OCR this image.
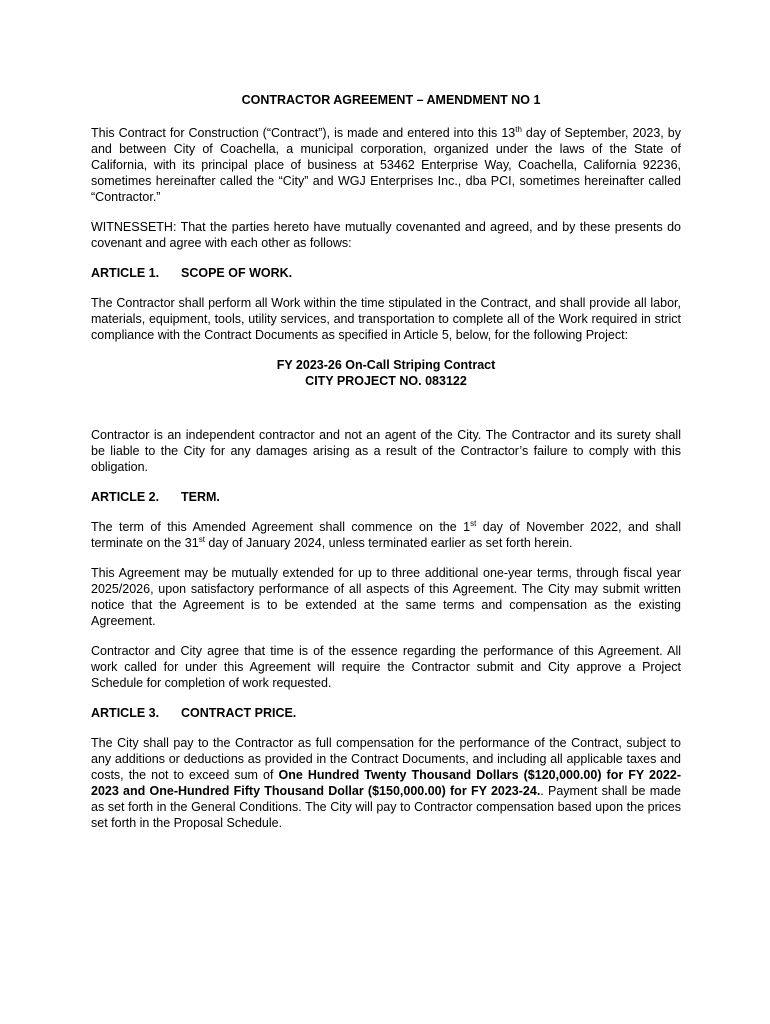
CONTRACTOR AGREEMENT – AMENDMENT NO 1

This Contract for Construction (“Contract”), is made and entered into this 13th day of September, 2023, by and between City of Coachella, a municipal corporation, organized under the laws of the State of California, with its principal place of business at 53462 Enterprise Way, Coachella, California 92236, sometimes hereinafter called the “City” and WGJ Enterprises Inc., dba PCI, sometimes hereinafter called “Contractor.”

WITNESSETH: That the parties hereto have mutually covenanted and agreed, and by these presents do covenant and agree with each other as follows:

ARTICLE 1. SCOPE OF WORK.

The Contractor shall perform all Work within the time stipulated in the Contract, and shall provide all labor, materials, equipment, tools, utility services, and transportation to complete all of the Work required in strict compliance with the Contract Documents as specified in Article 5, below, for the following Project:

FY 2023-26 On-Call Striping Contract
CITY PROJECT NO. 083122

Contractor is an independent contractor and not an agent of the City. The Contractor and its surety shall be liable to the City for any damages arising as a result of the Contractor’s failure to comply with this obligation.

ARTICLE 2. TERM.

The term of this Amended Agreement shall commence on the 1st day of November 2022, and shall terminate on the 31st day of January 2024, unless terminated earlier as set forth herein.

This Agreement may be mutually extended for up to three additional one-year terms, through fiscal year 2025/2026, upon satisfactory performance of all aspects of this Agreement. The City may submit written notice that the Agreement is to be extended at the same terms and compensation as the existing Agreement.

Contractor and City agree that time is of the essence regarding the performance of this Agreement. All work called for under this Agreement will require the Contractor submit and City approve a Project Schedule for completion of work requested.

ARTICLE 3. CONTRACT PRICE.

The City shall pay to the Contractor as full compensation for the performance of the Contract, subject to any additions or deductions as provided in the Contract Documents, and including all applicable taxes and costs, the not to exceed sum of One Hundred Twenty Thousand Dollars ($120,000.00) for FY 2022-2023 and One-Hundred Fifty Thousand Dollar ($150,000.00) for FY 2023-24.. Payment shall be made as set forth in the General Conditions. The City will pay to Contractor compensation based upon the prices set forth in the Proposal Schedule.
